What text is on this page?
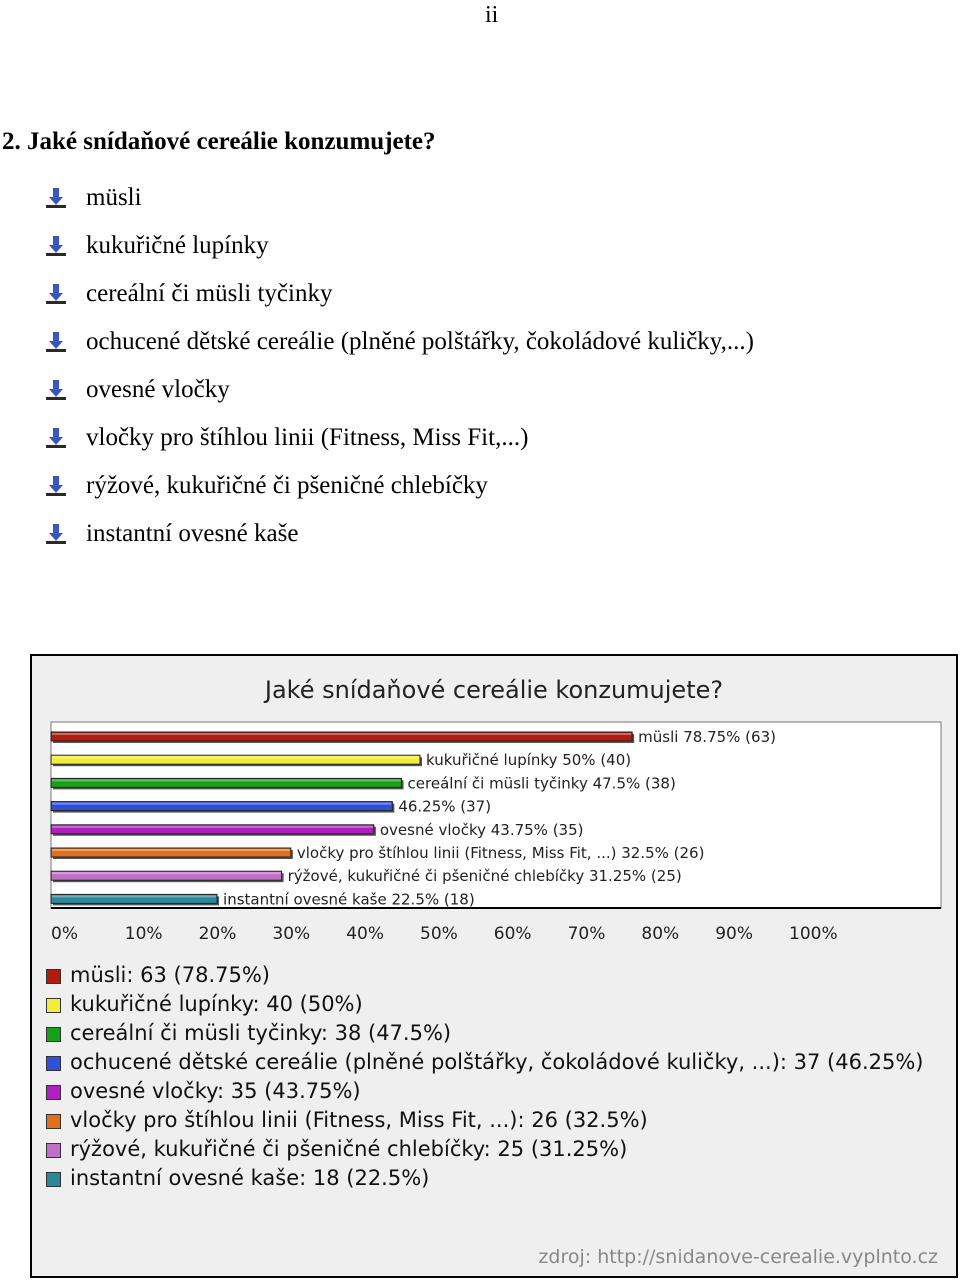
ii
2. Jaké snídaňové cereálie konzumujete?
müsli
kukuřičné lupínky
cereální či müsli tyčinky
ochucené dětské cereálie (plněné polštářky, čokoládové kuličky,...)
ovesné vločky
vločky pro štíhlou linii (Fitness, Miss Fit,...)
rýžové, kukuřičné či pšeničné chlebíčky
instantní ovesné kaše
Jaké snídaňové cereálie konzumujete?
müsli 78.75% (63)
kukuřičné lupínky 50% (40)
cereální či müsli tyčinky 47.5% (38)
46.25% (37)
ovesné vločky 43.75% (35)
vločky pro štíhlou linii (Fitness, Miss Fit, ...) 32.5% (26)
rýžové, kukuřičné či pšeničné chlebíčky 31.25% (25)
instantní ovesné kaše 22.5% (18)
0%	10% 20% 30% 40% 50% 60% 70% 80% 90% 100%
müsli: 63 (78.75%)
kukuřičné lupínky: 40 (50%)
cereální či müsli tyčinky: 38 (47.5%)
ochucené dětské cereálie (plněné polštářky, čokoládové kuličky, ...): 37 (46.25%)
ovesné vločky: 35 (43.75%)
vločky pro štíhlou linii (Fitness, Miss Fit, ...): 26 (32.5%)
rýžové, kukuřičné či pšeničné chlebíčky: 25 (31.25%)
instantní ovesné kaše: 18 (22.5%)
zdroj: http://snidanove-cerealie.vyplnto.cz
